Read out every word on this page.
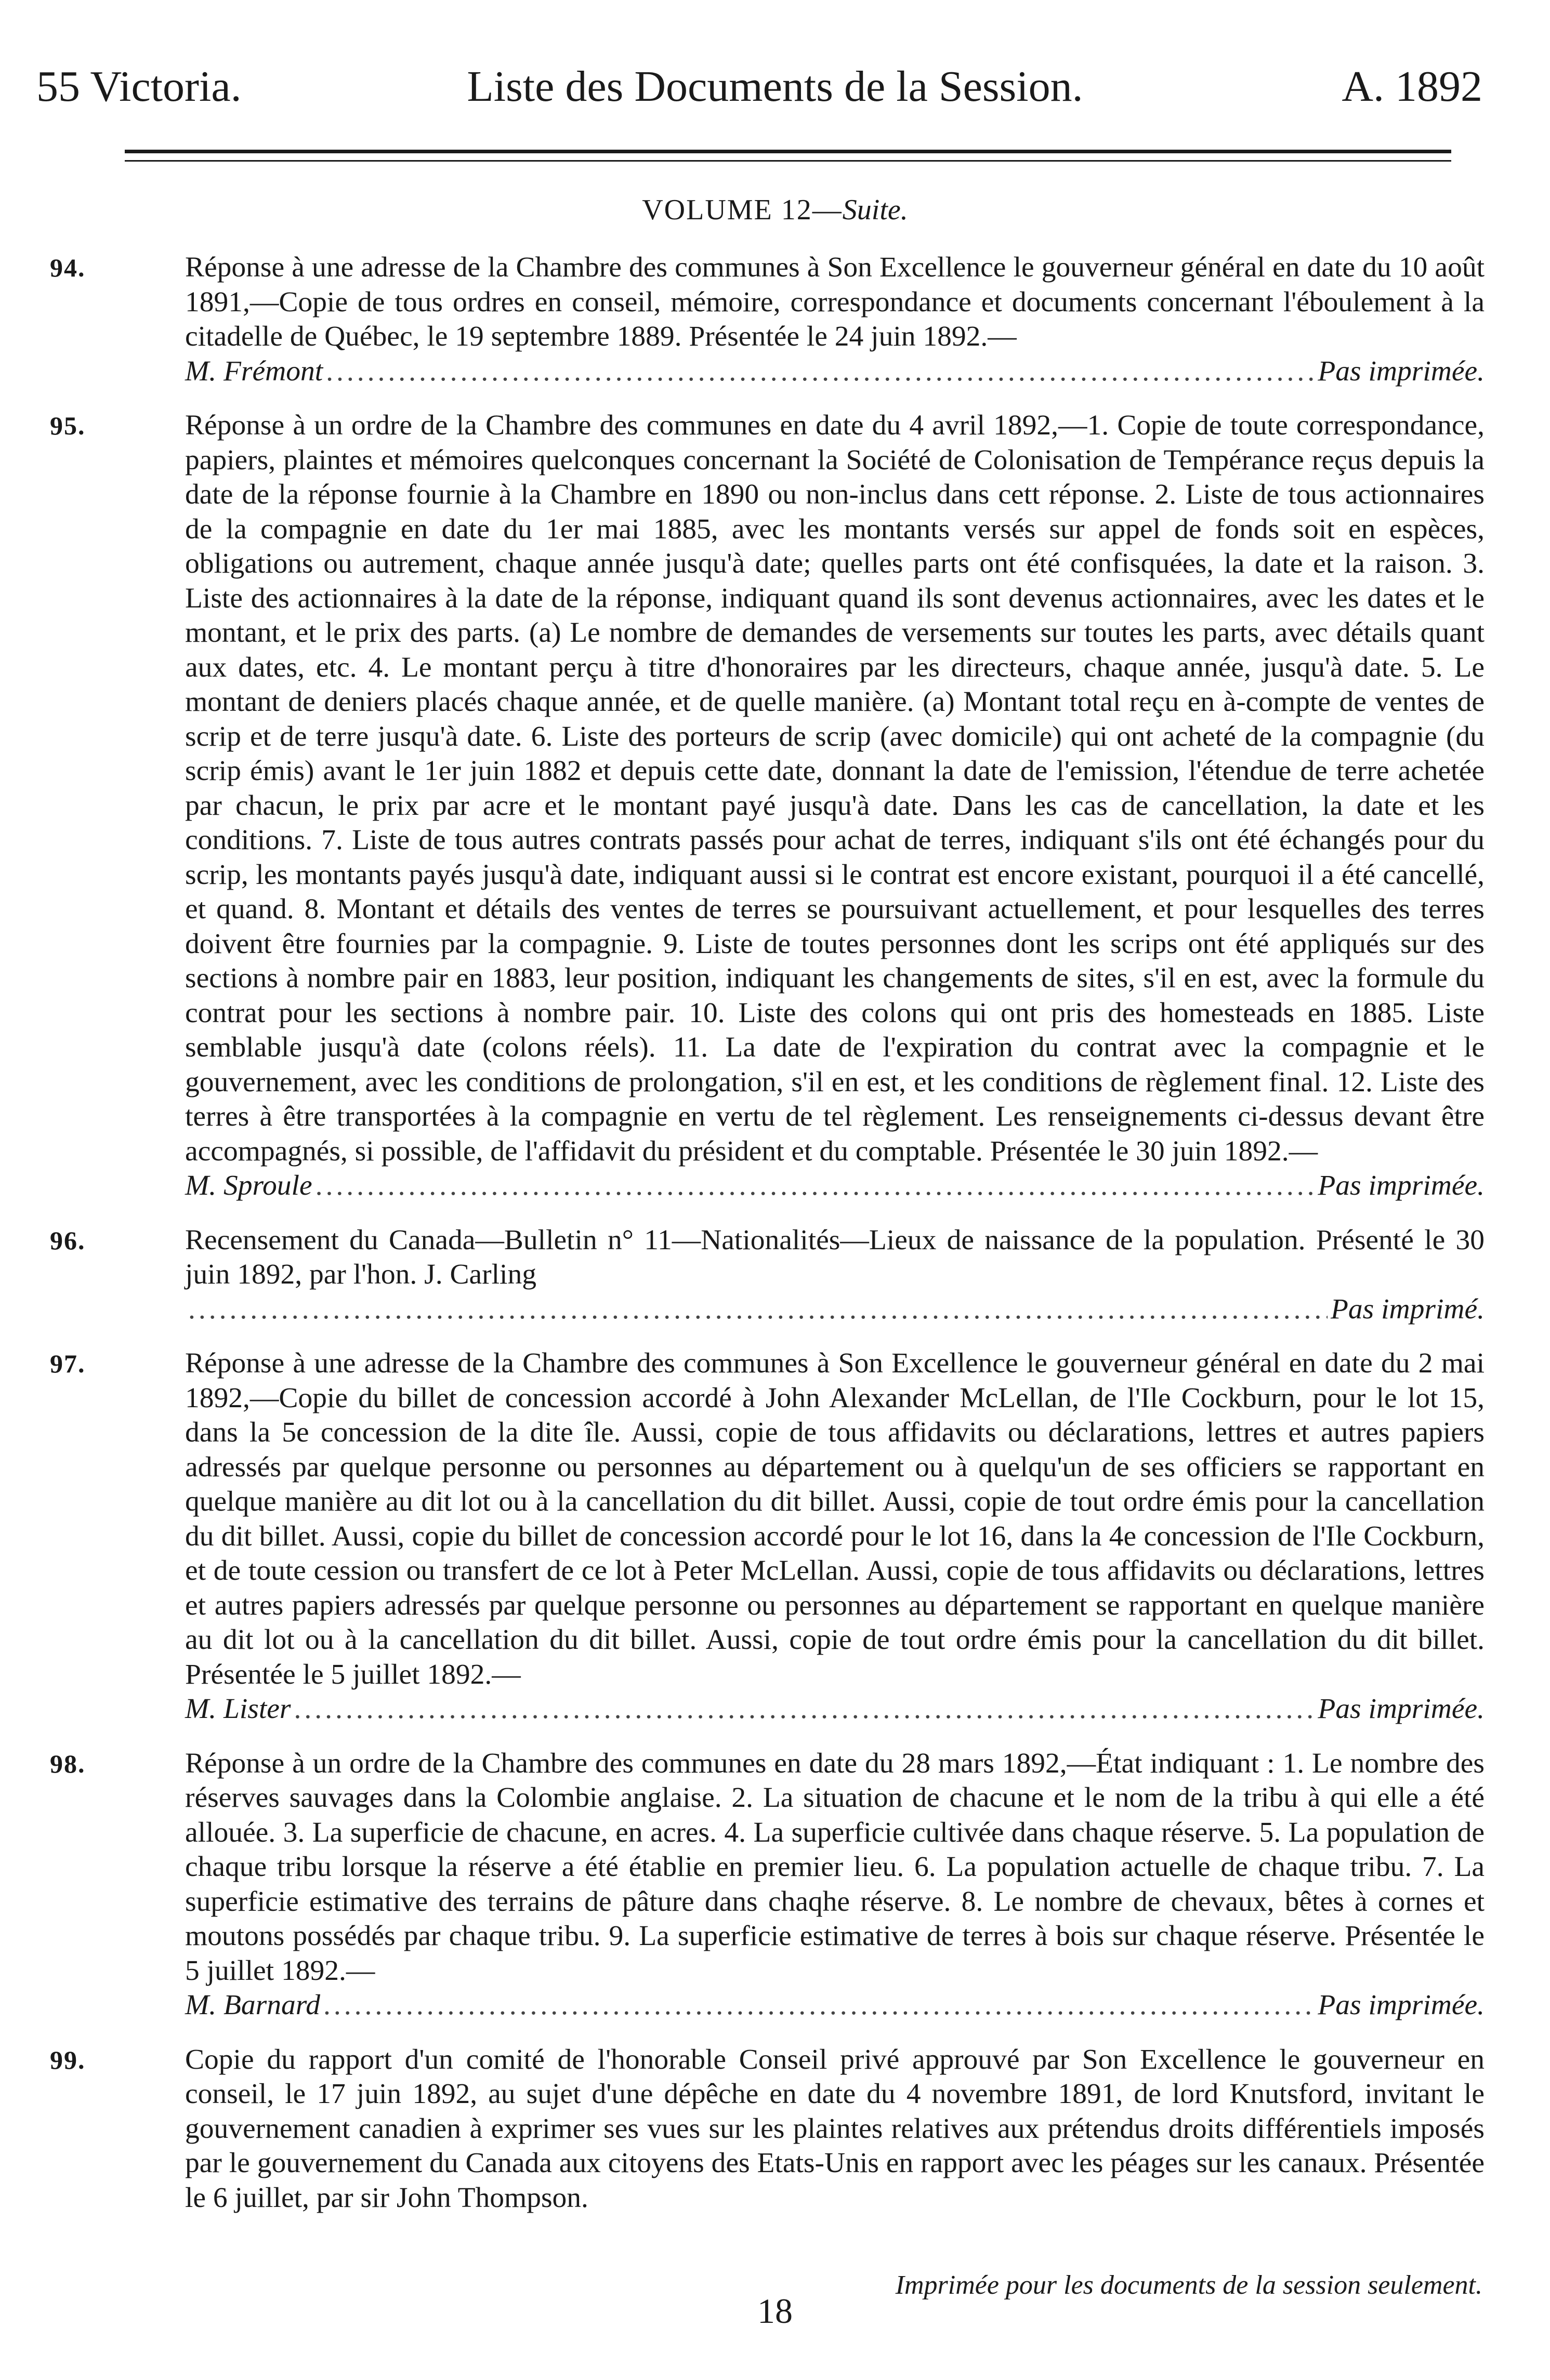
55 Victoria.	Liste des Documents de la Session.	A. 1892
VOLUME 12—Suite.
94.	Réponse à une adresse de la Chambre des communes à Son Excellence le gouverneur général en date du 10 août 1891,—Copie de tous ordres en conseil, mémoire, correspondance et documents concernant l'éboulement à la citadelle de Québec, le 19 septembre 1889. Présentée le 24 juin 1892.—
M. Frémont .....	Pas imprimée.
95.	Réponse à un ordre de la Chambre des communes en date du 4 avril 1892,—1. Copie de toute correspondance, papiers, plaintes et mémoires quelconques concernant la Société de Colonisation de Tempérance reçus depuis la date de la réponse fournie à la Chambre en 1890 ou non-inclus dans cett réponse. 2. Liste de tous actionnaires de la compagnie en date du 1er mai 1885, avec les montants versés sur appel de fonds soit en espèces, obligations ou autrement, chaque année jusqu'à date; quelles parts ont été confisquées, la date et la raison. 3. Liste des actionnaires à la date de la réponse, indiquant quand ils sont devenus actionnaires, avec les dates et le montant, et le prix des parts. (a) Le nombre de demandes de versements sur toutes les parts, avec détails quant aux dates, etc. 4. Le montant perçu à titre d'honoraires par les directeurs, chaque année, jusqu'à date. 5. Le montant de deniers placés chaque année, et de quelle manière. (a) Montant total reçu en à-compte de ventes de scrip et de terre jusqu'à date. 6. Liste des porteurs de scrip (avec domicile) qui ont acheté de la compagnie (du scrip émis) avant le 1er juin 1882 et depuis cette date, donnant la date de l'emission, l'étendue de terre achetée par chacun, le prix par acre et le montant payé jusqu'à date. Dans les cas de cancellation, la date et les conditions. 7. Liste de tous autres contrats passés pour achat de terres, indiquant s'ils ont été échangés pour du scrip, les montants payés jusqu'à date, indiquant aussi si le contrat est encore existant, pourquoi il a été cancellé, et quand. 8. Montant et détails des ventes de terres se poursuivant actuellement, et pour lesquelles des terres doivent être fournies par la compagnie. 9. Liste de toutes personnes dont les scrips ont été appliqués sur des sections à nombre pair en 1883, leur position, indiquant les changements de sites, s'il en est, avec la formule du contrat pour les sections à nombre pair. 10. Liste des colons qui ont pris des homesteads en 1885. Liste semblable jusqu'à date (colons réels). 11. La date de l'expiration du contrat avec la compagnie et le gouvernement, avec les conditions de prolongation, s'il en est, et les conditions de règlement final. 12. Liste des terres à être transportées à la compagnie en vertu de tel règlement. Les renseignements ci-dessus devant être accompagnés, si possible, de l'affidavit du président et du comptable. Présentée le 30 juin 1892.—
M. Sproule .....	Pas imprimée.
96.	Recensement du Canada—Bulletin n° 11—Nationalités—Lieux de naissance de la population. Présenté le 30 juin 1892, par l'hon. J. Carling
.....
Pas imprimé.
97.	Réponse à une adresse de la Chambre des communes à Son Excellence le gouverneur général en date du 2 mai 1892,—Copie du billet de concession accordé à John Alexander McLellan, de l'Ile Cockburn, pour le lot 15, dans la 5e concession de la dite île. Aussi, copie de tous affidavits ou déclarations, lettres et autres papiers adressés par quelque personne ou personnes au département ou à quelqu'un de ses officiers se rapportant en quelque manière au dit lot ou à la cancellation du dit billet. Aussi, copie de tout ordre émis pour la cancellation du dit billet. Aussi, copie du billet de concession accordé pour le lot 16, dans la 4e concession de l'Ile Cockburn, et de toute cession ou transfert de ce lot à Peter McLellan. Aussi, copie de tous affidavits ou déclarations, lettres et autres papiers adressés par quelque personne ou personnes au département se rapportant en quelque manière au dit lot ou à la cancellation du dit billet. Aussi, copie de tout ordre émis pour la cancellation du dit billet. Présentée le 5 juillet 1892.—
M. Lister .....	Pas imprimée.
98.	Réponse à un ordre de la Chambre des communes en date du 28 mars 1892,—État indiquant : 1. Le nombre des réserves sauvages dans la Colombie anglaise. 2. La situation de chacune et le nom de la tribu à qui elle a été allouée. 3. La superficie de chacune, en acres. 4. La superficie cultivée dans chaque réserve. 5. La population de chaque tribu lorsque la réserve a été établie en premier lieu. 6. La population actuelle de chaque tribu. 7. La superficie estimative des terrains de pâture dans chaqhe réserve. 8. Le nombre de chevaux, bêtes à cornes et moutons possédés par chaque tribu. 9. La superficie estimative de terres à bois sur chaque réserve. Présentée le 5 juillet 1892.—
M. Barnard .....	Pas imprimée.
99.	Copie du rapport d'un comité de l'honorable Conseil privé approuvé par Son Excellence le gouverneur en conseil, le 17 juin 1892, au sujet d'une dépêche en date du 4 novembre 1891, de lord Knutsford, invitant le gouvernement canadien à exprimer ses vues sur les plaintes relatives aux prétendus droits différentiels imposés par le gouvernement du Canada aux citoyens des Etats-Unis en rapport avec les péages sur les canaux. Présentée le 6 juillet, par sir John Thompson.
Imprimée pour les documents de la session seulement.
18
